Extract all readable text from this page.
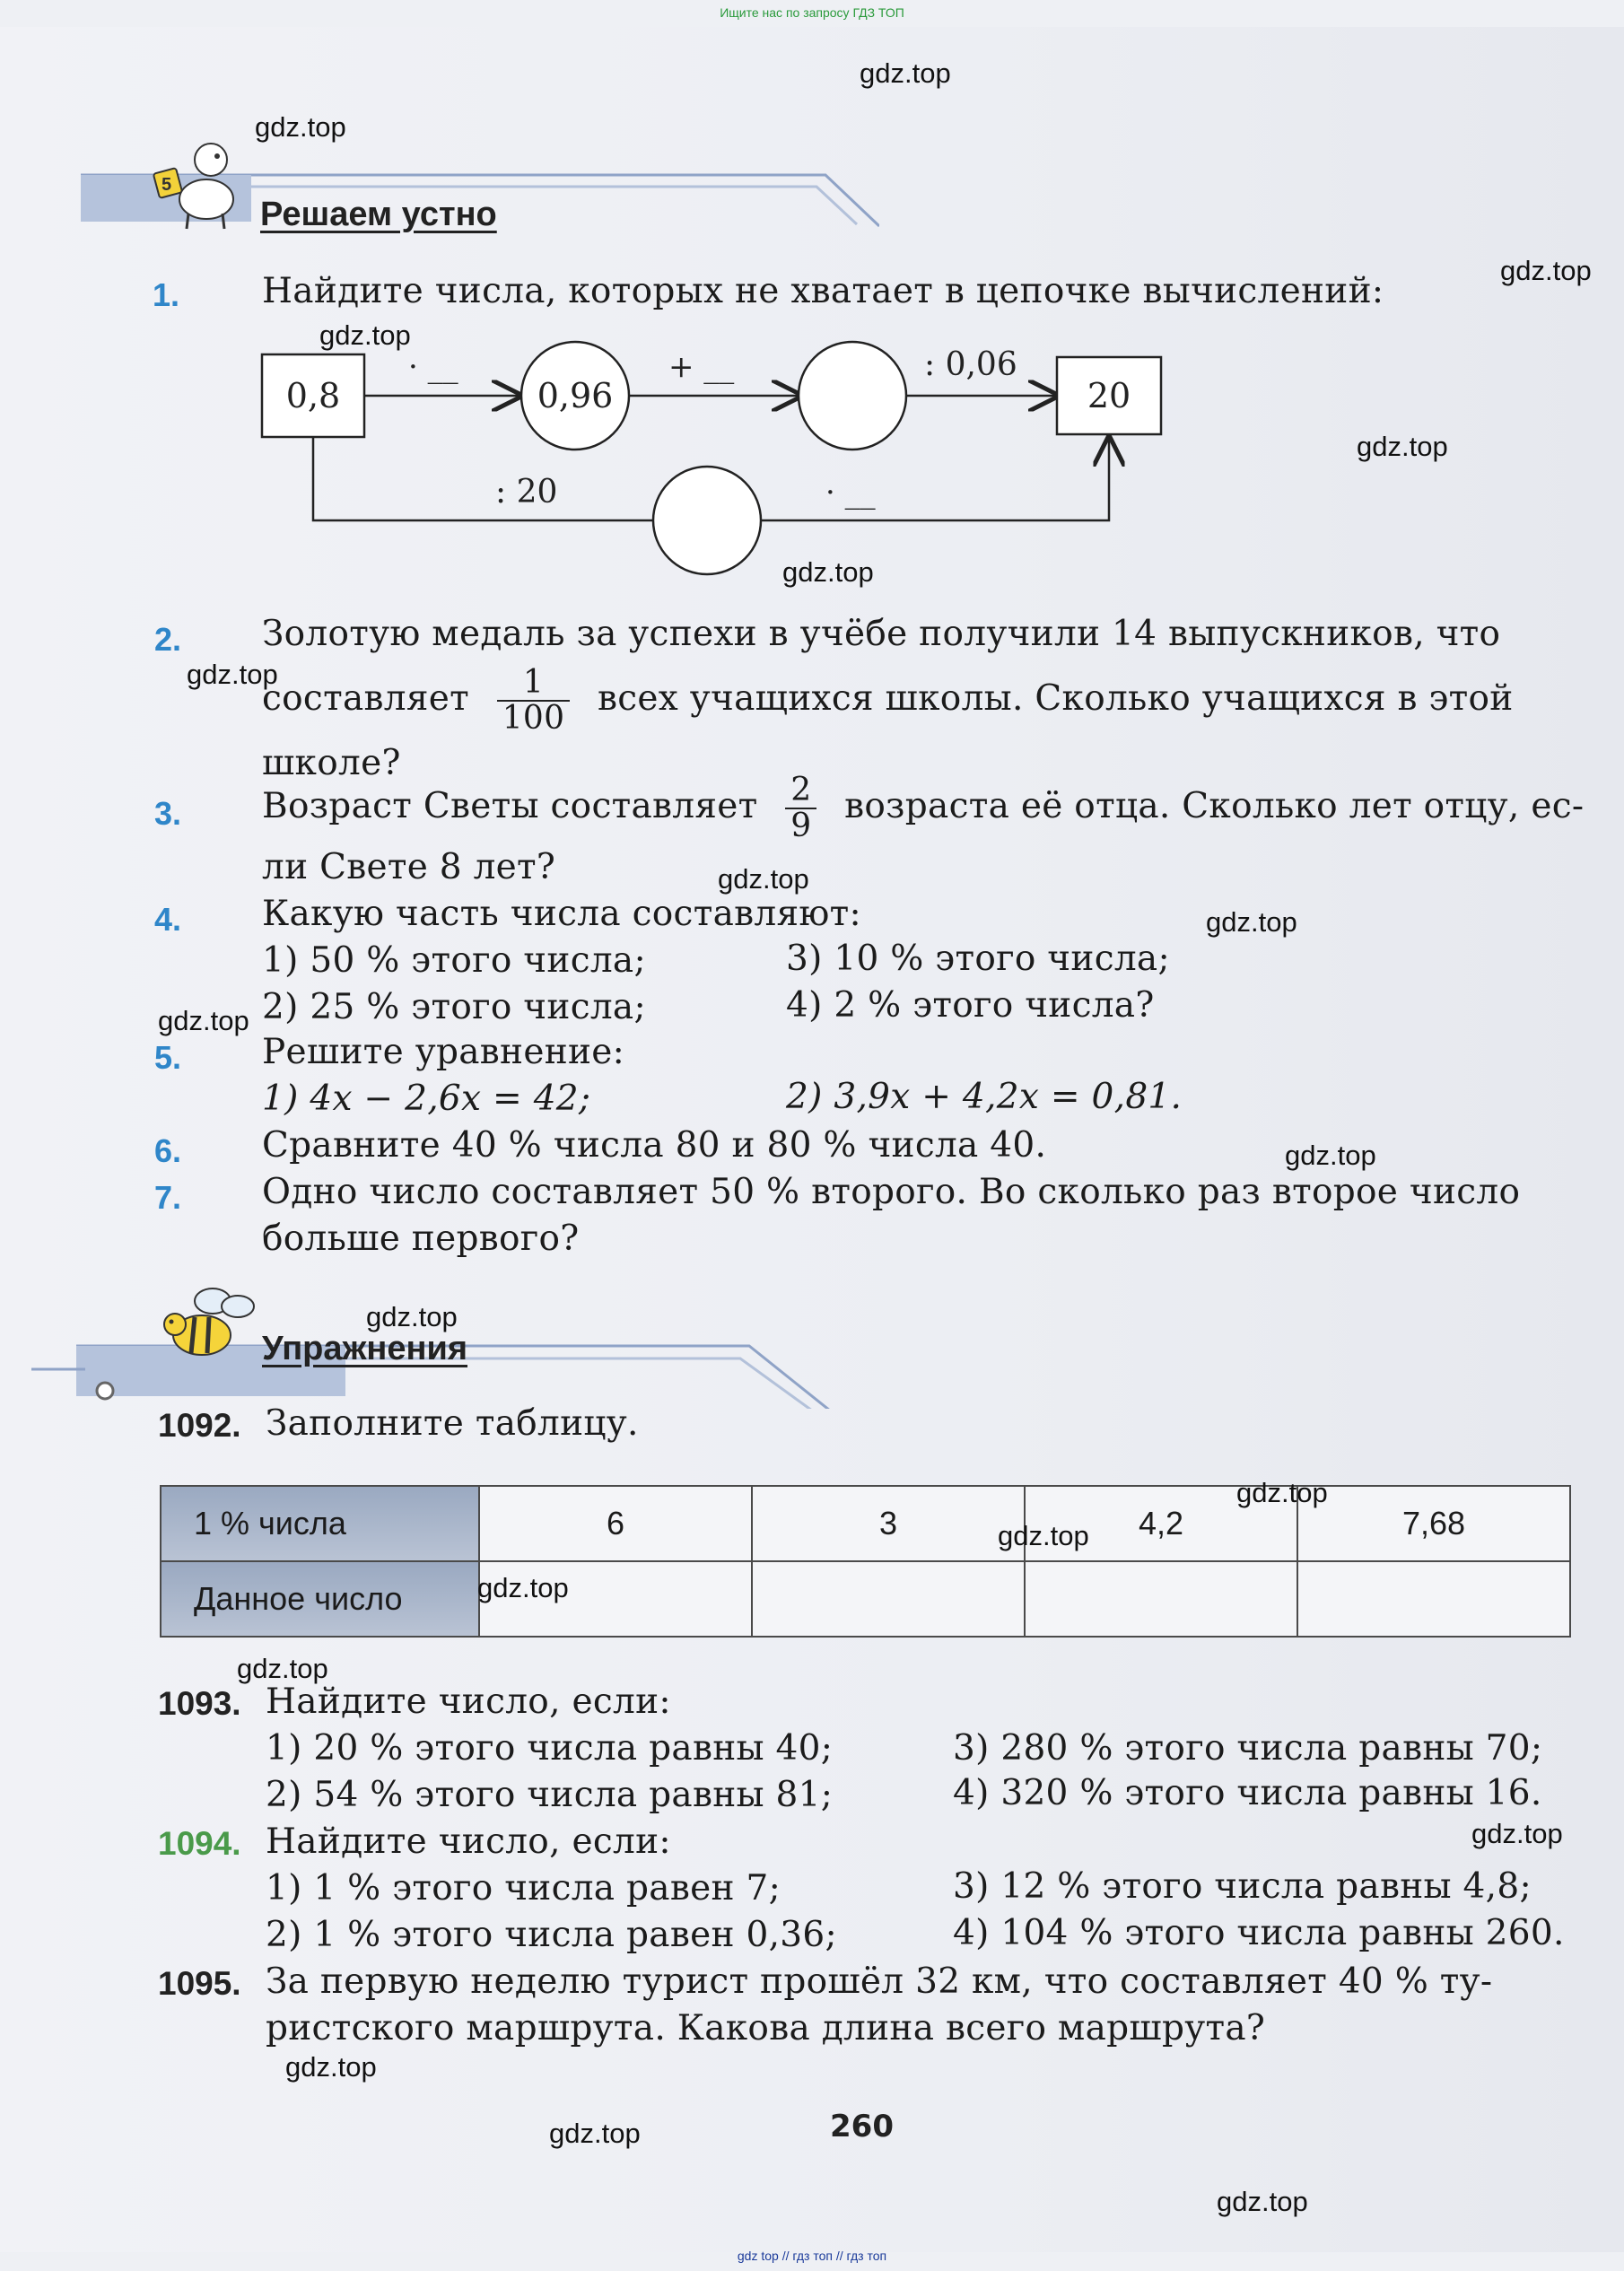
Ищите нас по запросу ГДЗ ТОП
gdz top // гдз топ // гдз топ
5
Решаем устно
1. Найдите числа, которых не хватает в цепочке вычислений:
0,8
· __
0,96
+ __	: 0,06
20
: 20	· __
2. Золотую медаль за успехи в учёбе получили 14 выпускников, что
составляет $\frac{1}{100}$ всех учащихся школы. Сколько учащихся в этой
школе?
3. Возраст Светы составляет $\frac{2}{9}$ возраста её отца. Сколько лет отцу, ес-
ли Свете 8 лет?
4. Какую часть числа составляют:
1) 50 % этого числа;	3) 10 % этого числа;
2) 25 % этого числа;	4) 2 % этого числа?
5. Решите уравнение:
1) 4x − 2,6x = 42;	2) 3,9x + 4,2x = 0,81.
6. Сравните 40 % числа 80 и 80 % числа 40.
7. Одно число составляет 50 % второго. Во сколько раз второе число
больше первого?
Упражнения
1092. Заполните таблицу.
1 % числа	6	3	4,2	7,68
Данное число				
1093. Найдите число, если:
1) 20 % этого числа равны 40;	3) 280 % этого числа равны 70;
2) 54 % этого числа равны 81;	4) 320 % этого числа равны 16.
1094. Найдите число, если:
1) 1 % этого числа равен 7;	3) 12 % этого числа равны 4,8;
2) 1 % этого числа равен 0,36;	4) 104 % этого числа равны 260.
1095. За первую неделю турист прошёл 32 км, что составляет 40 % ту-
ристского маршрута. Какова длина всего маршрута?
260
gdz.top
gdz.top
gdz.top
gdz.top
gdz.top
gdz.top
gdz.top
gdz.top
gdz.top
gdz.top
gdz.top
gdz.top
gdz.top
gdz.top
gdz.top
gdz.top
gdz.top
gdz.top
gdz.top
gdz.top
